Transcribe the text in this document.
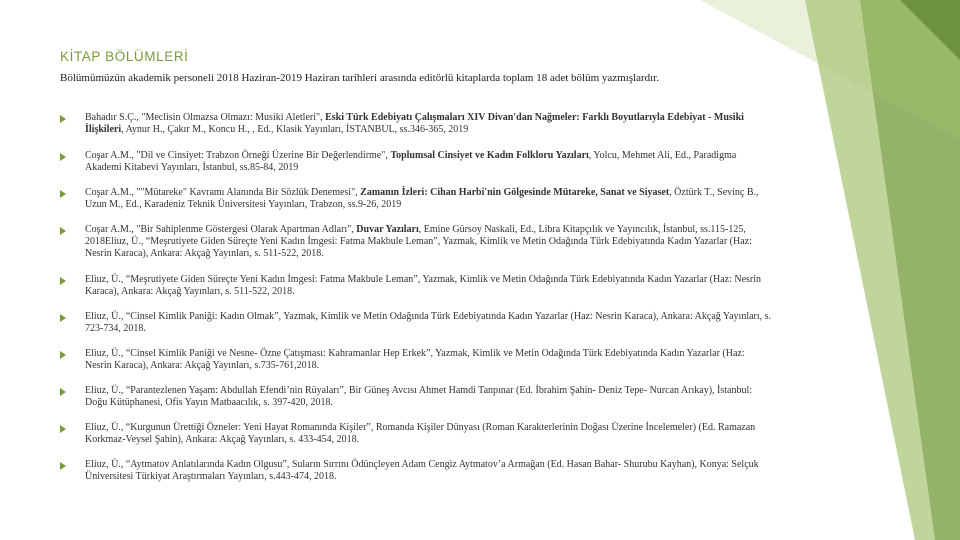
KİTAP BÖLÜMLERİ
Bölümümüzün akademik personeli 2018 Haziran-2019 Haziran tarihleri arasında editörlü kitaplarda toplam 18 adet bölüm yazmışlardır.
Bahadır S.Ç., "Meclisin Olmazsa Olmazı: Musiki Aletleri", Eski Türk Edebiyatı Çalışmaları XIV Divan'dan Nağmeler: Farklı Boyutlarıyla Edebiyat - Musiki İlişkileri, Aynur H., Çakır M., Koncu H., , Ed., Klasik Yayınları, İSTANBUL, ss.346-365, 2019
Coşar A.M., "Dil ve Cinsiyet: Trabzon Örneği Üzerine Bir Değerlendirme", Toplumsal Cinsiyet ve Kadın Folkloru Yazıları, Yolcu, Mehmet Ali, Ed., Paradigma Akademi Kitabevi Yayınları, İstanbul, ss.85-84, 2019
Coşar A.M., ""Mütareke" Kavramı Alanında Bir Sözlük Denemesi", Zamanın İzleri: Cihan Harbi'nin Gölgesinde Mütareke, Sanat ve Siyaset, Öztürk T., Sevinç B., Uzun M., Ed., Karadeniz Teknik Üniversitesi Yayınları, Trabzon, ss.9-26, 2019
Coşar A.M., "Bir Sahiplenme Göstergesi Olarak Apartman Adları", Duvar Yazıları, Emine Gürsoy Naskali, Ed., Libra Kitapçılık ve Yayıncılık, İstanbul, ss.115-125, 2018Eliuz, Ü., “Meşrutiyete Giden Süreçte Yeni Kadın İmgesi: Fatma Makbule Leman”, Yazmak, Kimlik ve Metin Odağında Türk Edebiyatında Kadın Yazarlar (Haz: Nesrin Karaca), Ankara: Akçağ Yayınları, s. 511-522, 2018.
Eliuz, Ü., “Meşrutiyete Giden Süreçte Yeni Kadın İmgesi: Fatma Makbule Leman”, Yazmak, Kimlik ve Metin Odağında Türk Edebiyatında Kadın Yazarlar (Haz: Nesrin Karaca), Ankara: Akçağ Yayınları, s. 511-522, 2018.
Eliuz, Ü., “Cinsel Kimlik Paniği: Kadın Olmak”, Yazmak, Kimlik ve Metin Odağında Türk Edebiyatında Kadın Yazarlar (Haz: Nesrin Karaca), Ankara: Akçağ Yayınları, s. 723-734, 2018.
Eliuz, Ü., “Cinsel Kimlik Paniği ve Nesne- Özne Çatışması: Kahramanlar Hep Erkek”, Yazmak, Kimlik ve Metin Odağında Türk Edebiyatında Kadın Yazarlar (Haz: Nesrin Karaca), Ankara: Akçağ Yayınları, s.735-761,2018.
Eliuz, Ü., “Parantezlenen Yaşam: Abdullah Efendi’nin Rüyaları”, Bir Güneş Avcısı Ahmet Hamdi Tanpınar (Ed. İbrahim Şahin- Deniz Tepe- Nurcan Arıkay), İstanbul: Doğu Kütüphanesi, Ofis Yayın Matbaacılık, s. 397-420, 2018.
Eliuz, Ü., “Kurgunun Ürettiği Özneler: Yeni Hayat Romanında Kişiler”, Romanda Kişiler Dünyası (Roman Karakterlerinin Doğası Üzerine İncelemeler) (Ed. Ramazan Korkmaz-Veysel Şahin), Ankara: Akçağ Yayınları, s. 433-454, 2018.
Eliuz, Ü., “Aytmatov Anlatılarında Kadın Olgusu”, Suların Sırrını Ödünçleyen Adam Cengiz Aytmatov’a Armağan (Ed. Hasan Bahar- Shurubu Kayhan), Konya: Selçuk Üniversitesi Türkiyat Araştırmaları Yayınları, s.443-474, 2018.
